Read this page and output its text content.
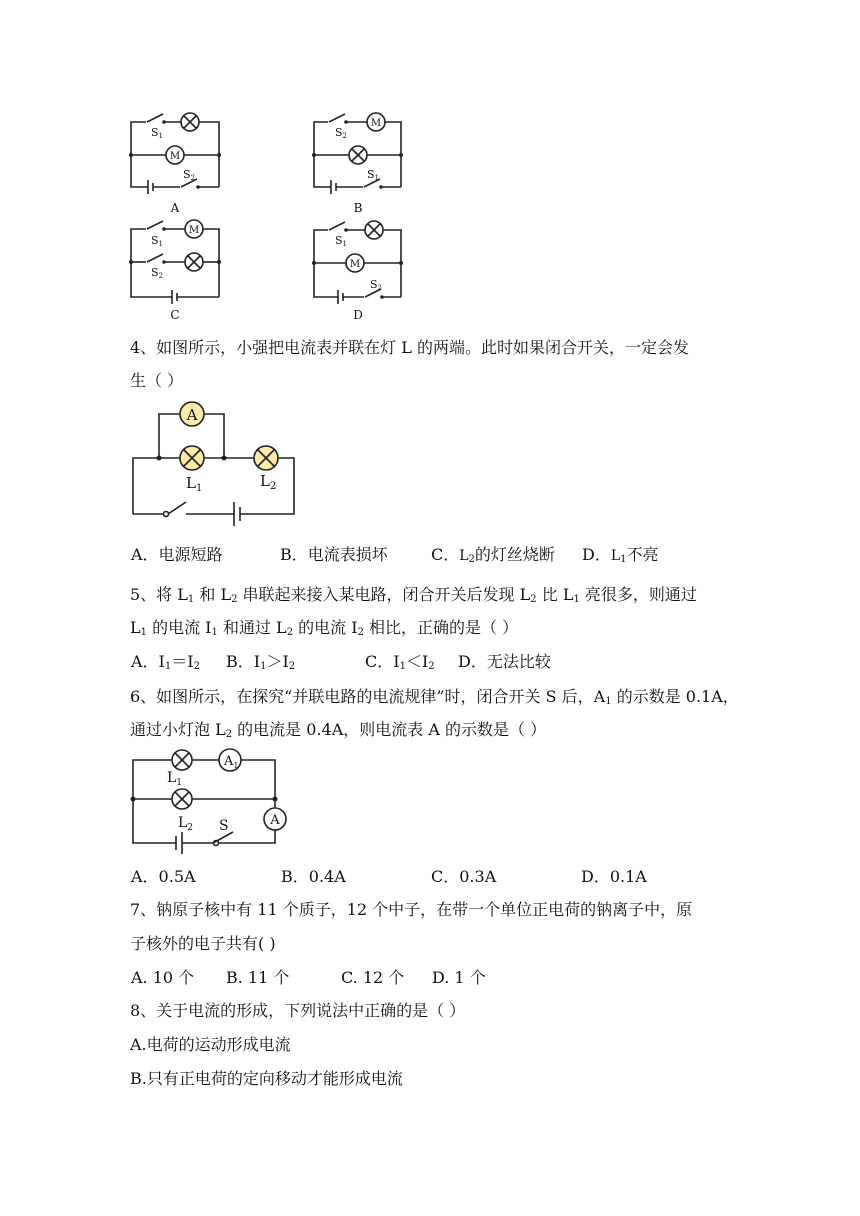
S1
M
S2
A
S2
M
S1
B
S1
M
S2
C
S1
M
S2
D
4、如图所示，小强把电流表并联在灯 L 的两端。此时如果闭合开关，一定会发
生（ ）
A
$L_1$	$L_2$
A．电源短路	B．电流表损坏	C．$L_2$的灯丝烧断 D．$L_1$不亮
5、将 $L_1$ 和 $L_2$ 串联起来接入某电路，闭合开关后发现 $L_2$ 比 $L_1$ 亮很多，则通过
$L_1$ 的电流 $I_1$ 和通过 $L_2$ 的电流 $I_2$ 相比，正确的是（ ）
A．$I_1=I_2$ B．$I_1>I_2$	C．$I_1<I_2$ D．无法比较
6、如图所示，在探究“并联电路的电流规律”时，闭合开关 S 后，$A_1$ 的示数是 0.1A，
通过小灯泡 $L_2$ 的电流是 0.4A，则电流表 A 的示数是（ ）
$A_1$
$L_1$
$L_2$ S	A
A．0.5A	B．0.4A	C．0.3A	D．0.1A
7、钠原子核中有 11 个质子，12 个中子，在带一个单位正电荷的钠离子中，原
子核外的电子共有( )
A. 10 个 B. 11 个	C. 12 个 D. 1 个
8、关于电流的形成，下列说法中正确的是（ ）
A.电荷的运动形成电流
B.只有正电荷的定向移动才能形成电流
